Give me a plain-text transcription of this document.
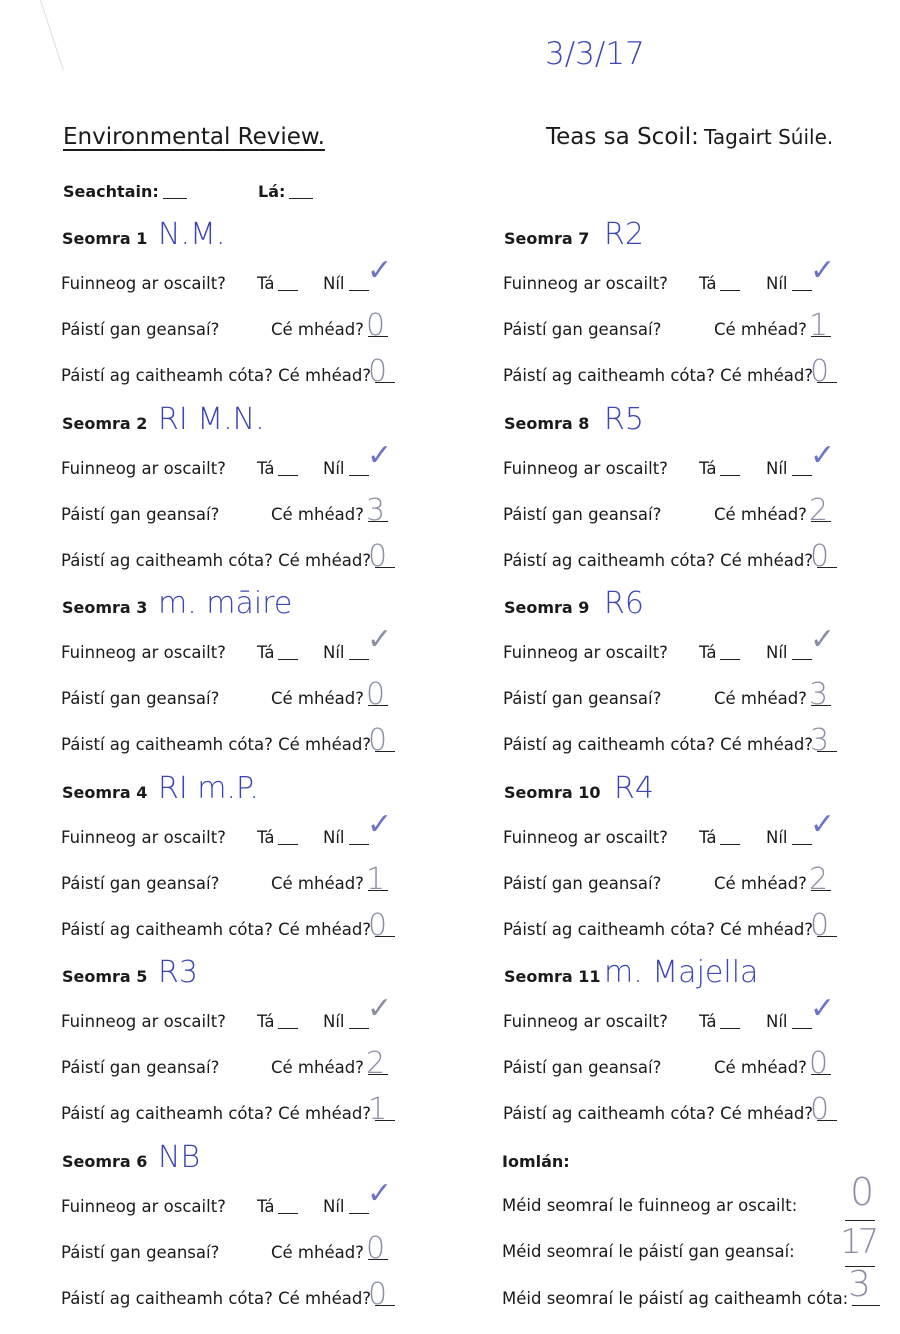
3/3/17
Environmental Review.	Teas sa Scoil: Tagairt Súile.
Seachtain:	Lá:
Seomra 1 N.M.
Fuinneog ar oscailt? Tá	Níl ✓
Páistí gan geansaí?	Cé mhéad? 0
Páistí ag caitheamh cóta? Cé mhéad?
0
Seomra 2 RI M.N.
Fuinneog ar oscailt? Tá	Níl ✓
Páistí gan geansaí?	Cé mhéad? 3
Páistí ag caitheamh cóta? Cé mhéad?
0
Seomra 3 m. māire
Fuinneog ar oscailt? Tá	Níl ✓
Páistí gan geansaí?	Cé mhéad? 0
Páistí ag caitheamh cóta? Cé mhéad?
0
Seomra 4 RI m.P.
Fuinneog ar oscailt? Tá	Níl ✓
Páistí gan geansaí?	Cé mhéad? 1
Páistí ag caitheamh cóta? Cé mhéad?
0
Seomra 5 R3
Fuinneog ar oscailt? Tá	Níl ✓
Páistí gan geansaí?	Cé mhéad? 2
Páistí ag caitheamh cóta? Cé mhéad?
1
Seomra 6 NB
Fuinneog ar oscailt? Tá	Níl ✓
Páistí gan geansaí?	Cé mhéad? 0
Páistí ag caitheamh cóta? Cé mhéad?
0
Seomra 7 R2
Fuinneog ar oscailt? Tá	Níl ✓
Páistí gan geansaí?	Cé mhéad? 1
Páistí ag caitheamh cóta? Cé mhéad?
0
Seomra 8 R5
Fuinneog ar oscailt? Tá	Níl ✓
Páistí gan geansaí?	Cé mhéad? 2
Páistí ag caitheamh cóta? Cé mhéad?
0
Seomra 9 R6
Fuinneog ar oscailt? Tá	Níl ✓
Páistí gan geansaí?	Cé mhéad? 3
Páistí ag caitheamh cóta? Cé mhéad?
3
Seomra 10 R4
Fuinneog ar oscailt? Tá	Níl ✓
Páistí gan geansaí?	Cé mhéad? 2
Páistí ag caitheamh cóta? Cé mhéad?
0
Seomra 11 m. Majella
Fuinneog ar oscailt? Tá	Níl ✓
Páistí gan geansaí?	Cé mhéad? 0
Páistí ag caitheamh cóta? Cé mhéad?
0
Iomlán:
Méid seomraí le fuinneog ar oscailt: 0
Méid seomraí le páistí gan geansaí: 17
Méid seomraí le páistí ag caitheamh cóta: 3
